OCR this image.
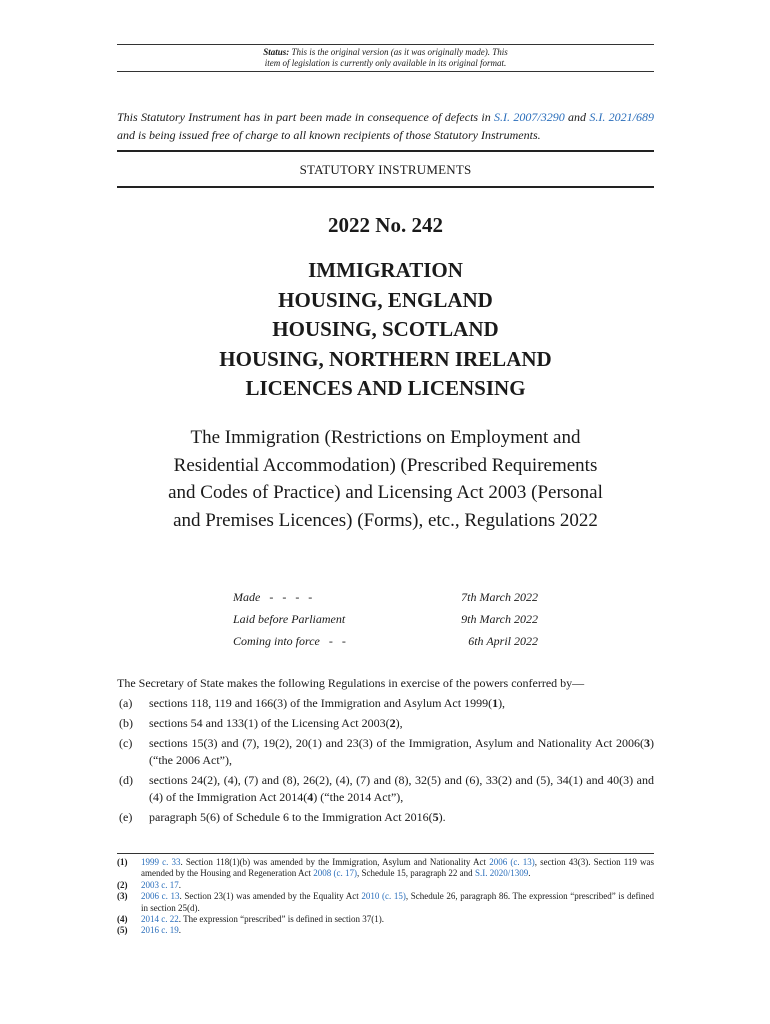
Status: This is the original version (as it was originally made). This
item of legislation is currently only available in its original format.
This Statutory Instrument has in part been made in consequence of defects in S.I. 2007/3290 and S.I. 2021/689 and is being issued free of charge to all known recipients of those Statutory Instruments.
STATUTORY INSTRUMENTS
2022 No. 242
IMMIGRATION
HOUSING, ENGLAND
HOUSING, SCOTLAND
HOUSING, NORTHERN IRELAND
LICENCES AND LICENSING
The Immigration (Restrictions on Employment and
Residential Accommodation) (Prescribed Requirements
and Codes of Practice) and Licensing Act 2003 (Personal
and Premises Licences) (Forms), etc., Regulations 2022
Made   -   -   -   -	7th March 2022
Laid before Parliament	9th March 2022
Coming into force   -   -	6th April 2022

The Secretary of State makes the following Regulations in exercise of the powers conferred by—

(a)	sections 118, 119 and 166(3) of the Immigration and Asylum Act 1999(1),
(b)	sections 54 and 133(1) of the Licensing Act 2003(2),
(c)	sections 15(3) and (7), 19(2), 20(1) and 23(3) of the Immigration, Asylum and Nationality Act 2006(3) (“the 2006 Act”),
(d)	sections 24(2), (4), (7) and (8), 26(2), (4), (7) and (8), 32(5) and (6), 33(2) and (5), 34(1) and 40(3) and (4) of the Immigration Act 2014(4) (“the 2014 Act”),
(e)	paragraph 5(6) of Schedule 6 to the Immigration Act 2016(5).
(1)	1999 c. 33. Section 118(1)(b) was amended by the Immigration, Asylum and Nationality Act 2006 (c. 13), section 43(3). Section 119 was amended by the Housing and Regeneration Act 2008 (c. 17), Schedule 15, paragraph 22 and S.I. 2020/1309.
(2)	2003 c. 17.
(3)	2006 c. 13. Section 23(1) was amended by the Equality Act 2010 (c. 15), Schedule 26, paragraph 86. The expression “prescribed” is defined in section 25(d).
(4)	2014 c. 22. The expression “prescribed” is defined in section 37(1).
(5)	2016 c. 19.
